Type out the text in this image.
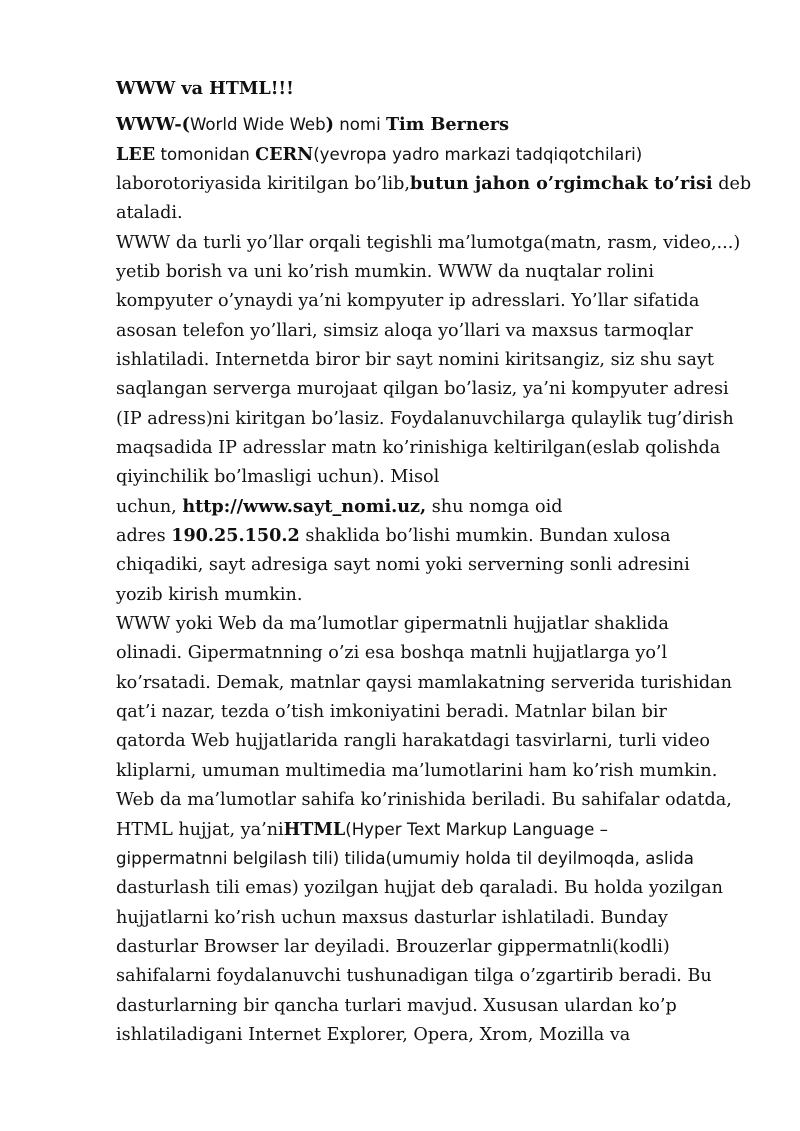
WWW va HTML!!!
WWW-(World Wide Web) nomi Tim Berners
LEE tomonidan CERN(yevropa yadro markazi tadqiqotchilari)
laborotoriyasida kiritilgan bo’lib,butun jahon o’rgimchak to’risi deb
ataladi.
WWW da turli yo’llar orqali tegishli ma’lumotga(matn, rasm, video,...)
yetib borish va uni ko’rish mumkin. WWW da nuqtalar rolini
kompyuter o’ynaydi ya’ni kompyuter ip adresslari. Yo’llar sifatida
asosan telefon yo’llari, simsiz aloqa yo’llari va maxsus tarmoqlar
ishlatiladi. Internetda biror bir sayt nomini kiritsangiz, siz shu sayt
saqlangan serverga murojaat qilgan bo’lasiz, ya’ni kompyuter adresi
(IP adress)ni kiritgan bo’lasiz. Foydalanuvchilarga qulaylik tug’dirish
maqsadida IP adresslar matn ko’rinishiga keltirilgan(eslab qolishda
qiyinchilik bo’lmasligi uchun). Misol
uchun, http://www.sayt_nomi.uz, shu nomga oid
adres 190.25.150.2 shaklida bo’lishi mumkin. Bundan xulosa
chiqadiki, sayt adresiga sayt nomi yoki serverning sonli adresini
yozib kirish mumkin.
WWW yoki Web da ma’lumotlar gipermatnli hujjatlar shaklida
olinadi. Gipermatnning o’zi esa boshqa matnli hujjatlarga yo’l
ko’rsatadi. Demak, matnlar qaysi mamlakatning serverida turishidan
qat’i nazar, tezda o’tish imkoniyatini beradi. Matnlar bilan bir
qatorda Web hujjatlarida rangli harakatdagi tasvirlarni, turli video
kliplarni, umuman multimedia ma’lumotlarini ham ko’rish mumkin.
Web da ma’lumotlar sahifa ko’rinishida beriladi. Bu sahifalar odatda,
HTML hujjat, ya’niHTML(Hyper Text Markup Language –
gippermatnni belgilash tili) tilida(umumiy holda til deyilmoqda, aslida
dasturlash tili emas) yozilgan hujjat deb qaraladi. Bu holda yozilgan
hujjatlarni ko’rish uchun maxsus dasturlar ishlatiladi. Bunday
dasturlar Browser lar deyiladi. Brouzerlar gippermatnli(kodli)
sahifalarni foydalanuvchi tushunadigan tilga o’zgartirib beradi. Bu
dasturlarning bir qancha turlari mavjud. Xususan ulardan ko’p
ishlatiladigani Internet Explorer, Opera, Xrom, Mozilla va
